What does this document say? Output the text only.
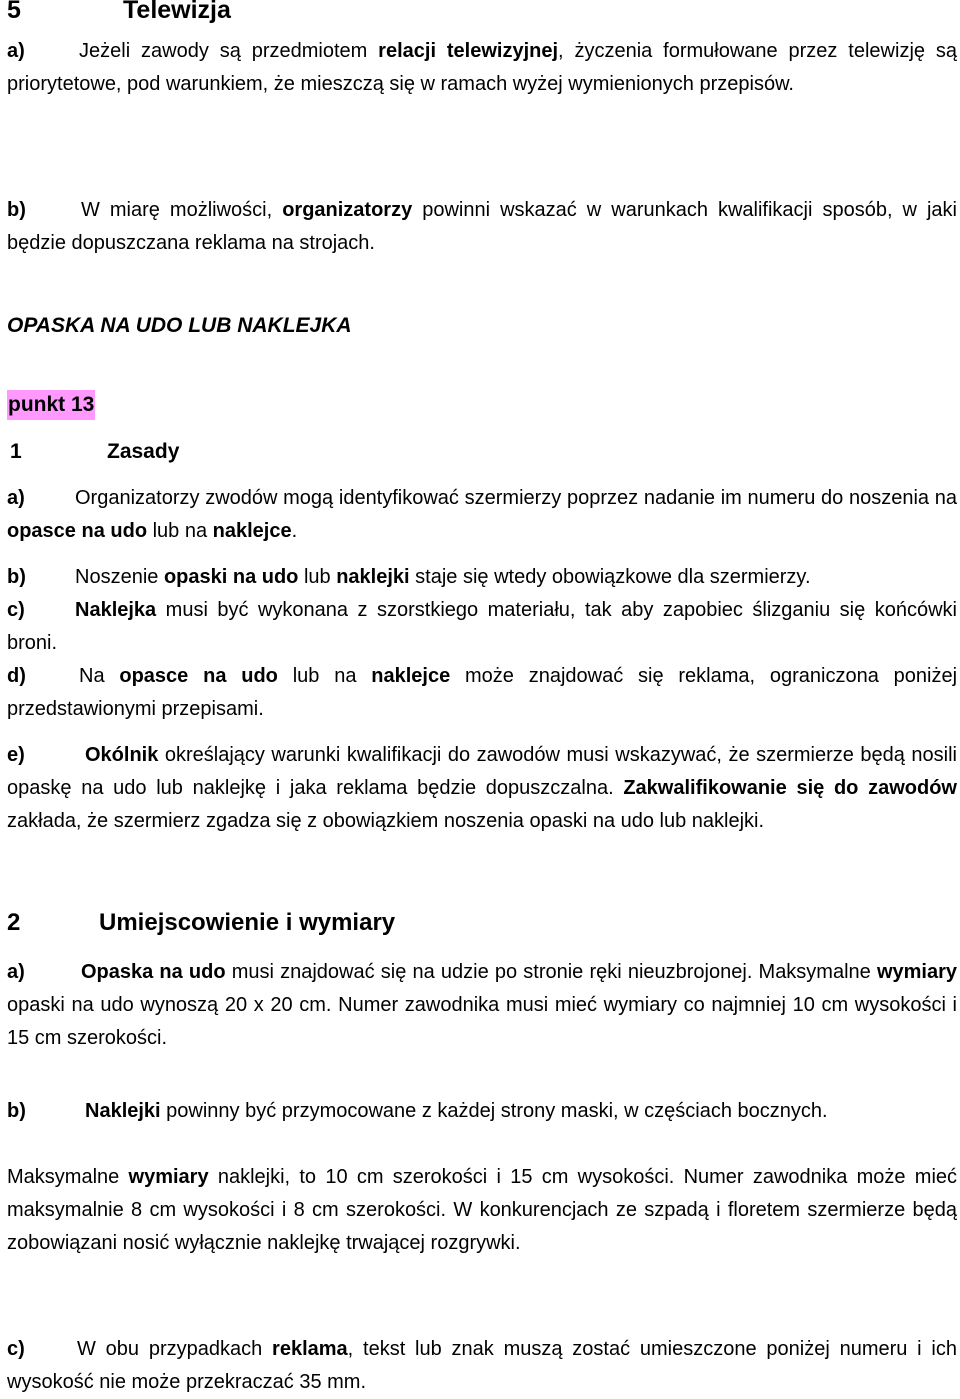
5	Telewizja

a)	Jeżeli zawody są przedmiotem relacji telewizyjnej, życzenia formułowane przez telewizję są priorytetowe, pod warunkiem, że mieszczą się w ramach wyżej wymienionych przepisów.

b)	W miarę możliwości, organizatorzy powinni wskazać w warunkach kwalifikacji sposób, w jaki będzie dopuszczana reklama na strojach.

OPASKA NA UDO LUB NAKLEJKA
punkt 13
1	Zasady

a)	Organizatorzy zwodów mogą identyfikować szermierzy poprzez nadanie im numeru do noszenia na opasce na udo lub na naklejce.

b) Noszenie opaski na udo lub naklejki staje się wtedy obowiązkowe dla szermierzy.

c)	Naklejka musi być wykonana z szorstkiego materiału, tak aby zapobiec ślizganiu się końcówki broni.

d)	Na opasce na udo lub na naklejce może znajdować się reklama, ograniczona poniżej przedstawionymi przepisami.

e)	Okólnik określający warunki kwalifikacji do zawodów musi wskazywać, że szermierze będą nosili opaskę na udo lub naklejkę i jaka reklama będzie dopuszczalna. Zakwalifikowanie się do zawodów zakłada, że szermierz zgadza się z obowiązkiem noszenia opaski na udo lub naklejki.

2	Umiejscowienie i wymiary

a)	Opaska na udo musi znajdować się na udzie po stronie ręki nieuzbrojonej. Maksymalne wymiary opaski na udo wynoszą 20 x 20 cm. Numer zawodnika musi mieć wymiary co najmniej 10 cm wysokości i 15 cm szerokości.

b)	Naklejki powinny być przymocowane z każdej strony maski, w częściach bocznych.

Maksymalne wymiary naklejki, to 10 cm szerokości i 15 cm wysokości. Numer zawodnika może mieć maksymalnie 8 cm wysokości i 8 cm szerokości. W konkurencjach ze szpadą i floretem szermierze będą zobowiązani nosić wyłącznie naklejkę trwającej rozgrywki.

c)	W obu przypadkach reklama, tekst lub znak muszą zostać umieszczone poniżej numeru i ich wysokość nie może przekraczać 35 mm.
